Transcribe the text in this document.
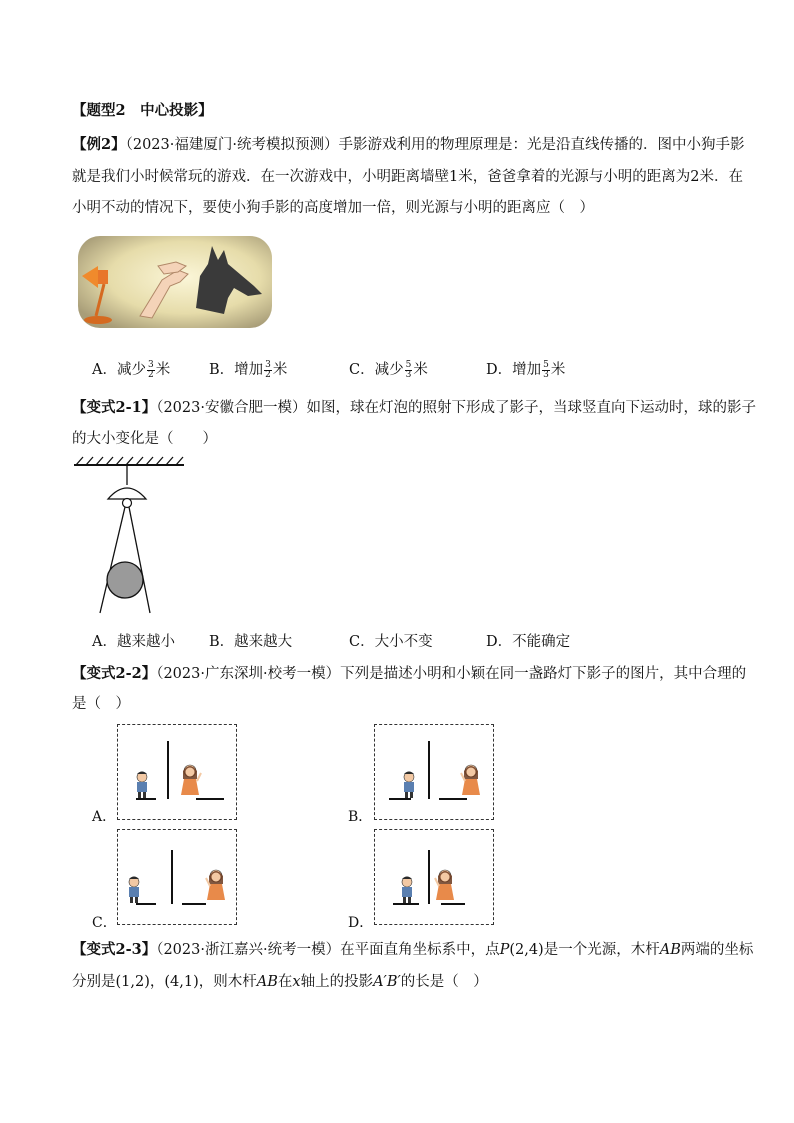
【题型2　中心投影】
【例2】（2023·福建厦门·统考模拟预测）手影游戏利用的物理原理是：光是沿直线传播的．图中小狗手影
就是我们小时候常玩的游戏．在一次游戏中，小明距离墙壁1米，爸爸拿着的光源与小明的距离为2米．在
小明不动的情况下，要使小狗手影的高度增加一倍，则光源与小明的距离应（　）
A．减少 $\frac{3}{2}$ 米	B．增加 $\frac{3}{2}$ 米	C．减少 $\frac{5}{3}$ 米	D．增加 $\frac{5}{3}$ 米
【变式2-1】（2023·安徽合肥一模）如图，球在灯泡的照射下形成了影子，当球竖直向下运动时，球的影子
的大小变化是（　　）
A．越来越小 B．越来越大	C．大小不变	D．不能确定
【变式2-2】（2023·广东深圳·校考一模）下列是描述小明和小颖在同一盏路灯下影子的图片，其中合理的
是（　）
A．	B．
C．	D．
【变式2-3】（2023·浙江嘉兴·统考一模）在平面直角坐标系中，点P(2,4)是一个光源，木杆AB两端的坐标
分别是(1,2)，(4,1)，则木杆AB在x轴上的投影A′B′的长是（　）
